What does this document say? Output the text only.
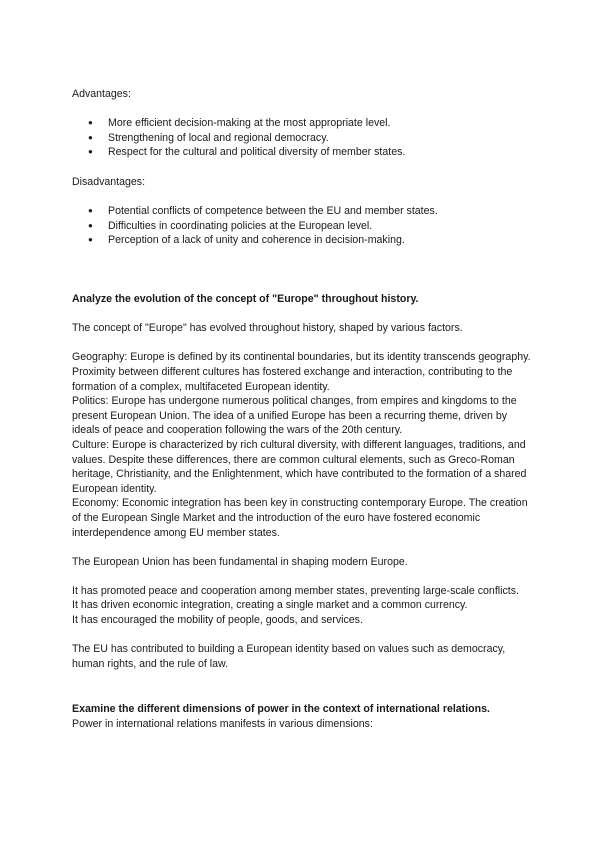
Advantages:

● More efficient decision-making at the most appropriate level.
● Strengthening of local and regional democracy.
● Respect for the cultural and political diversity of member states.

Disadvantages:

● Potential conflicts of competence between the EU and member states.
● Difficulties in coordinating policies at the European level.
● Perception of a lack of unity and coherence in decision-making.

Analyze the evolution of the concept of "Europe" throughout history.

The concept of "Europe" has evolved throughout history, shaped by various factors.

Geography: Europe is defined by its continental boundaries, but its identity transcends geography. Proximity between different cultures has fostered exchange and interaction, contributing to the formation of a complex, multifaceted European identity.

Politics: Europe has undergone numerous political changes, from empires and kingdoms to the present European Union. The idea of a unified Europe has been a recurring theme, driven by ideals of peace and cooperation following the wars of the 20th century.

Culture: Europe is characterized by rich cultural diversity, with different languages, traditions, and values. Despite these differences, there are common cultural elements, such as Greco-Roman heritage, Christianity, and the Enlightenment, which have contributed to the formation of a shared European identity.

Economy: Economic integration has been key in constructing contemporary Europe. The creation of the European Single Market and the introduction of the euro have fostered economic interdependence among EU member states.

The European Union has been fundamental in shaping modern Europe.

It has promoted peace and cooperation among member states, preventing large-scale conflicts.

It has driven economic integration, creating a single market and a common currency.

It has encouraged the mobility of people, goods, and services.

The EU has contributed to building a European identity based on values such as democracy, human rights, and the rule of law.

Examine the different dimensions of power in the context of international relations.

Power in international relations manifests in various dimensions:
